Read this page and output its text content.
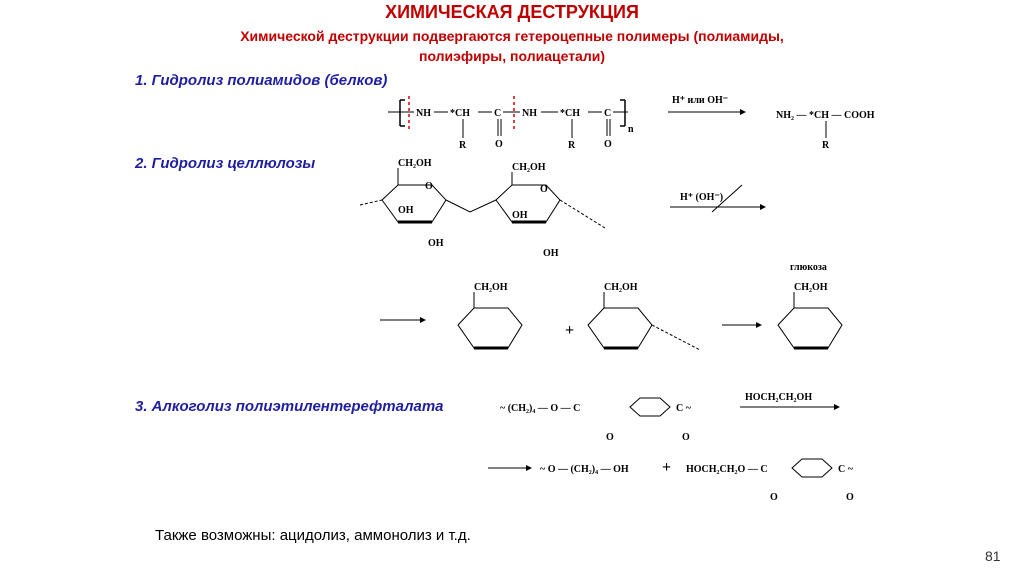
ХИМИЧЕСКАЯ ДЕСТРУКЦИЯ
Химической деструкции подвергаются гетероцепные полимеры (полиамиды,
полиэфиры, полиацетали)
1. Гидролиз полиамидов (белков)
2. Гидролиз целлюлозы
3. Алкоголиз полиэтилентерефталата
Также возможны: ацидолиз, аммонолиз и т.д.
81
NH *CH C NH *CH C
n
R	O	R	O
H⁺ или OH⁻
NH₂ — *CH — COOH
R
CH₂OH
O
OH
OH
CH₂OH
O
OH
OH
H⁺ (OH⁻)
глюкоза
CH₂OH	CH₂OH	CH₂OH
+
~ (CH₂)₄ — O — C	C ~
O	O
HOCH₂CH₂OH
~ O — (CH₂)₄ — OH + HOCH₂CH₂O — C	C ~
O	O
